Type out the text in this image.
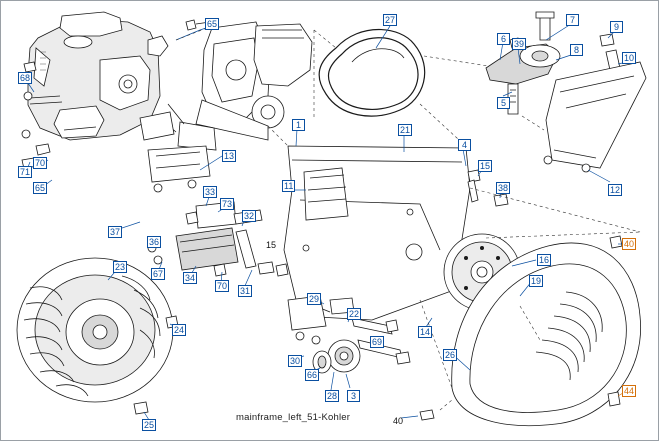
mainframe_left_51-Kohler
65	27
6 39
7
8
9
10
68
5
1	21
4
13
71
70
65
15
12
11
33	38
73
32
37
36	15	40
23
16
67
19
34
70 31
29
22
24	14
26
69
30
66
28	3	44
25	40
